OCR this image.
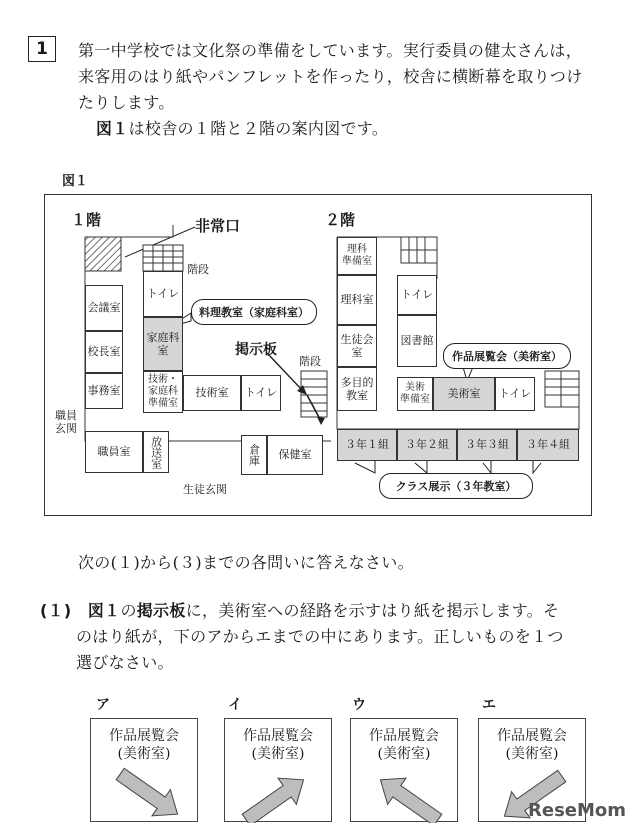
1	第一中学校では文化祭の準備をしています。実行委員の健太さんは，
来客用のはり紙やパンフレットを作ったり，校舎に横断幕を取りつけ
たりします。
図１は校舎の１階と２階の案内図です。
図１
１階	非常口
階段
階段
掲示板
職員
玄関
生徒玄関
料理教室（家庭科室）
会議室
校長室
事務室
トイレ
家庭科
室
技術・
家庭科
準備室
技術室	トイレ
職員室	放送室	倉庫	保健室
２階
理科
準備室
理科室	トイレ
生徒会
室
図書館
多目的
教室
美術
準備室	美術室	トイレ
作品展覧会（美術室）
３年１組	３年２組	３年３組	３年４組
クラス展示（３年教室）
次の(１)から(３)までの各問いに答えなさい。
(１)　図１の掲示板に，美術室への経路を示すはり紙を掲示します。そ
のはり紙が，下のアからエまでの中にあります。正しいものを１つ
選びなさい。
ア	イ	ウ	エ
作品展覧会
(美術室)
作品展覧会
(美術室)
作品展覧会
(美術室)
作品展覧会
(美術室)
ReseMom
